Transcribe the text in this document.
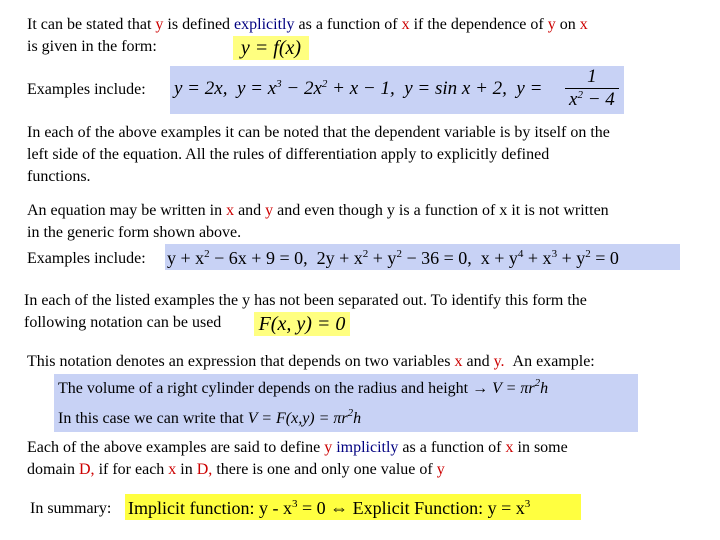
It can be stated that y is defined explicitly as a function of x if the dependence of y on x
is given in the form:	y = f(x)
Examples include: y = 2x, $y = x^3 - 2x^2 + x - 1$, y = sin x + 2, $y = \frac{1}{x^2 - 4}$
In each of the above examples it can be noted that the dependent variable is by itself on the
left side of the equation. All the rules of differentiation apply to explicitly defined
functions.
An equation may be written in x and y and even though y is a function of x it is not written
in the generic form shown above.
Examples include: $y + x^2 - 6x + 9 = 0$, $2y + x^2 + y^2 - 36 = 0$, $x + y^4 + x^3 + y^2 = 0$
In each of the listed examples the y has not been separated out. To identify this form the
following notation can be used F(x, y) = 0
This notation denotes an expression that depends on two variables x and y. An example:
The volume of a right cylinder depends on the radius and height → $V = \pi r^2h$
In this case we can write that $V = F(x,y) = \pi r^2h$
Each of the above examples are said to define y implicitly as a function of x in some
domain D, if for each x in D, there is one and only one value of y
In summary: Implicit function: $y - x^3 = 0$ ⇔ Explicit Function: $y = x^3$
